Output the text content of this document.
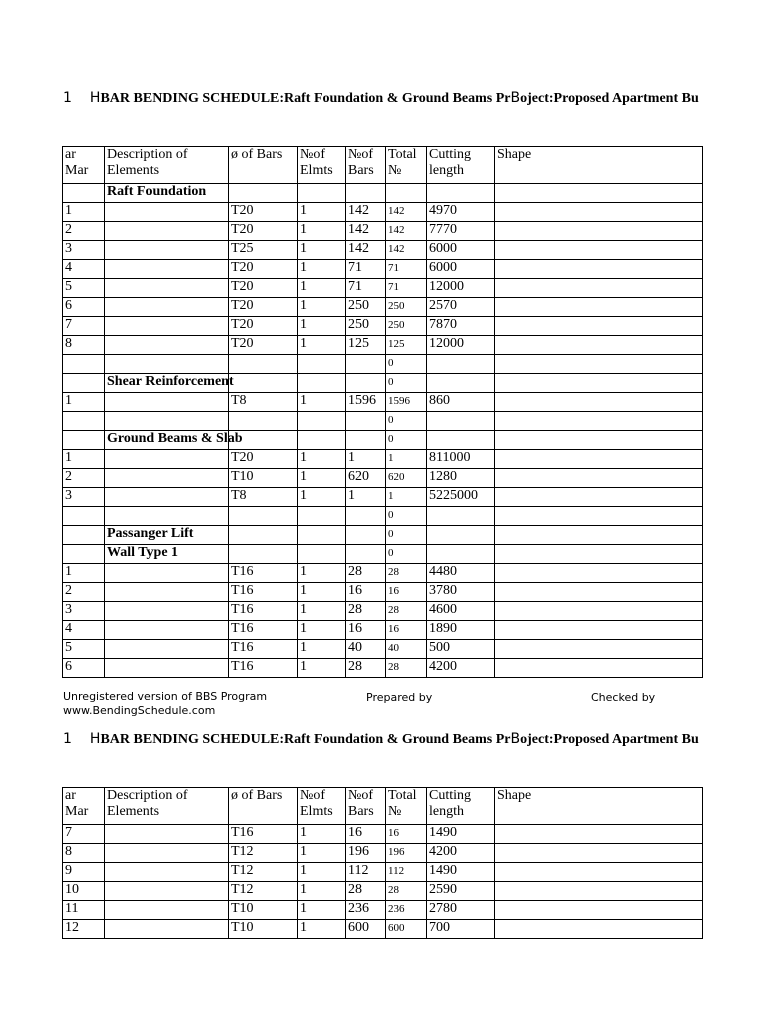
1 HBAR BENDING SCHEDULE:Raft Foundation & Ground Beams PrBoject:Proposed Apartment Bu
ar Mar	Description of Elements	ø of Bars	№of Elmts	№of Bars	Total №	Cutting length	Shape
	Raft Foundation						
1		T20	1	142	142	4970	
2		T20	1	142	142	7770	
3		T25	1	142	142	6000	
4		T20	1	71	71	6000	
5		T20	1	71	71	12000	
6		T20	1	250	250	2570	
7		T20	1	250	250	7870	
8		T20	1	125	125	12000	
					0		
	Shear Reinforcement				0		
1		T8	1	1596	1596	860	
					0		
	Ground Beams & Slab				0		
1		T20	1	1	1	811000	
2		T10	1	620	620	1280	
3		T8	1	1	1	5225000	
					0		
	Passanger Lift				0		
	Wall Type 1				0		
1		T16	1	28	28	4480	
2		T16	1	16	16	3780	
3		T16	1	28	28	4600	
4		T16	1	16	16	1890	
5		T16	1	40	40	500	
6		T16	1	28	28	4200	
Unregistered version of BBS Program
www.BendingSchedule.com
Prepared by	Checked by
1 HBAR BENDING SCHEDULE:Raft Foundation & Ground Beams PrBoject:Proposed Apartment Bu
ar Mar	Description of Elements	ø of Bars	№of Elmts	№of Bars	Total №	Cutting length	Shape
7		T16	1	16	16	1490	
8		T12	1	196	196	4200	
9		T12	1	112	112	1490	
10		T12	1	28	28	2590	
11		T10	1	236	236	2780	
12		T10	1	600	600	700	
